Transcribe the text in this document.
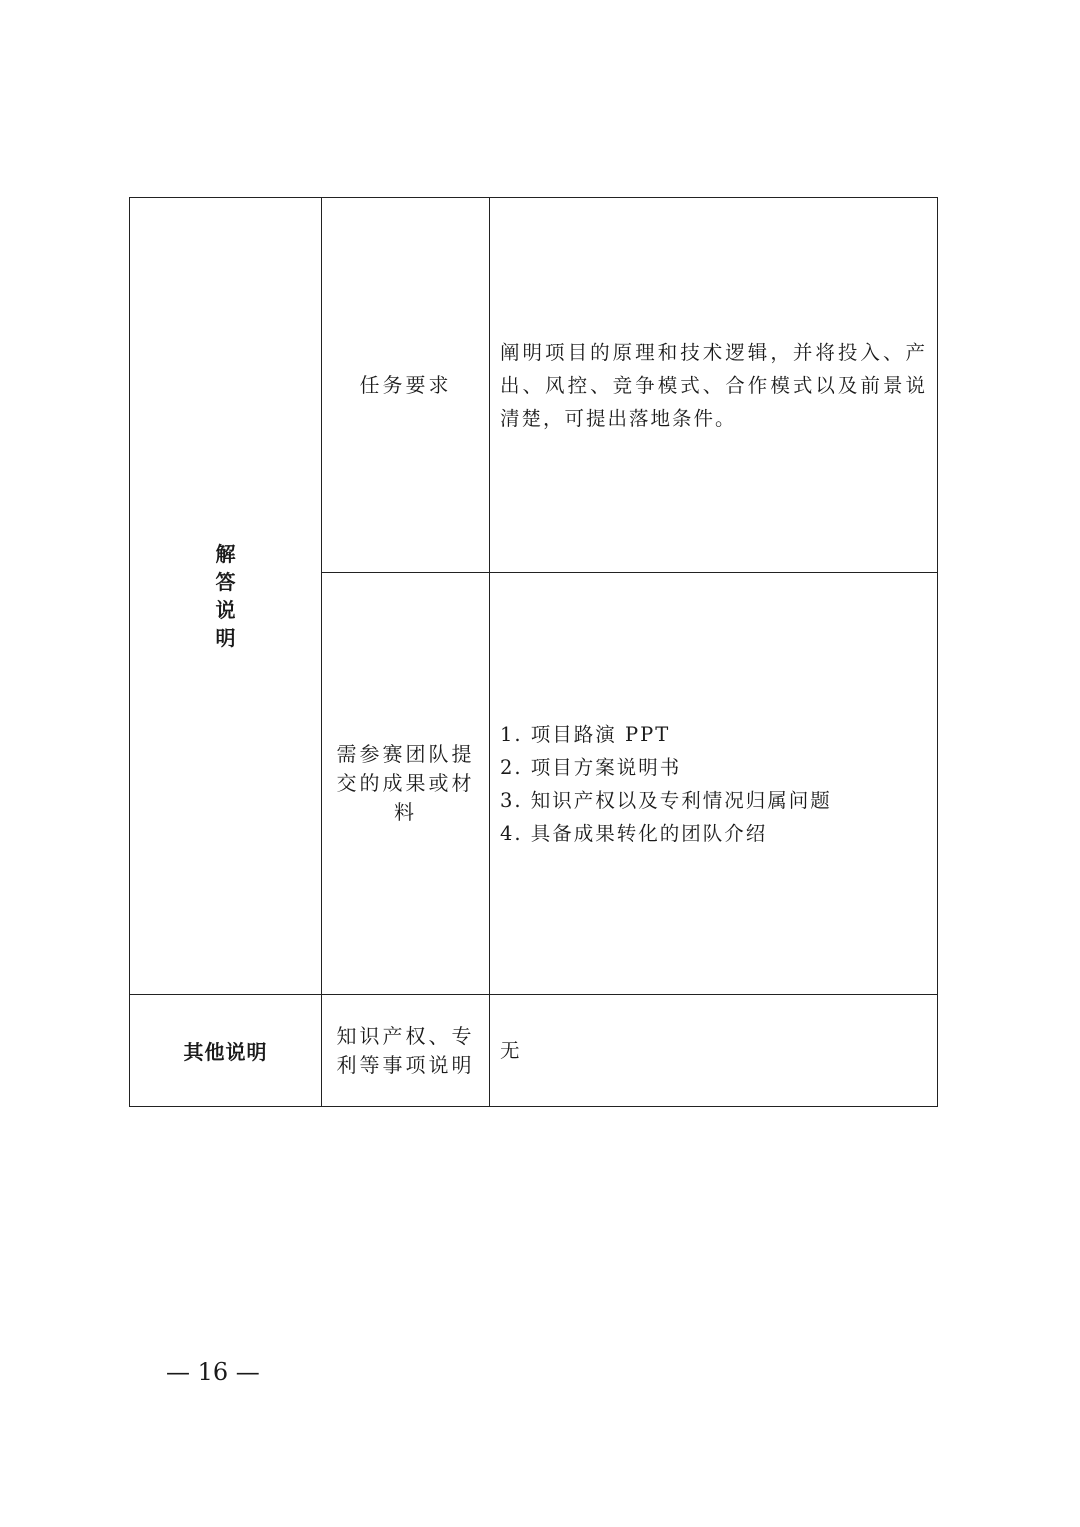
解答说明	任务要求	阐明项目的原理和技术逻辑，并将投入、产出、风控、竞争模式、合作模式以及前景说清楚，可提出落地条件。
	需参赛团队提交的成果或材料	1. 项目路演 PPT
2. 项目方案说明书
3. 知识产权以及专利情况归属问题
4. 具备成果转化的团队介绍

其他说明	知识产权、专利等事项说明	无
— 16 —
